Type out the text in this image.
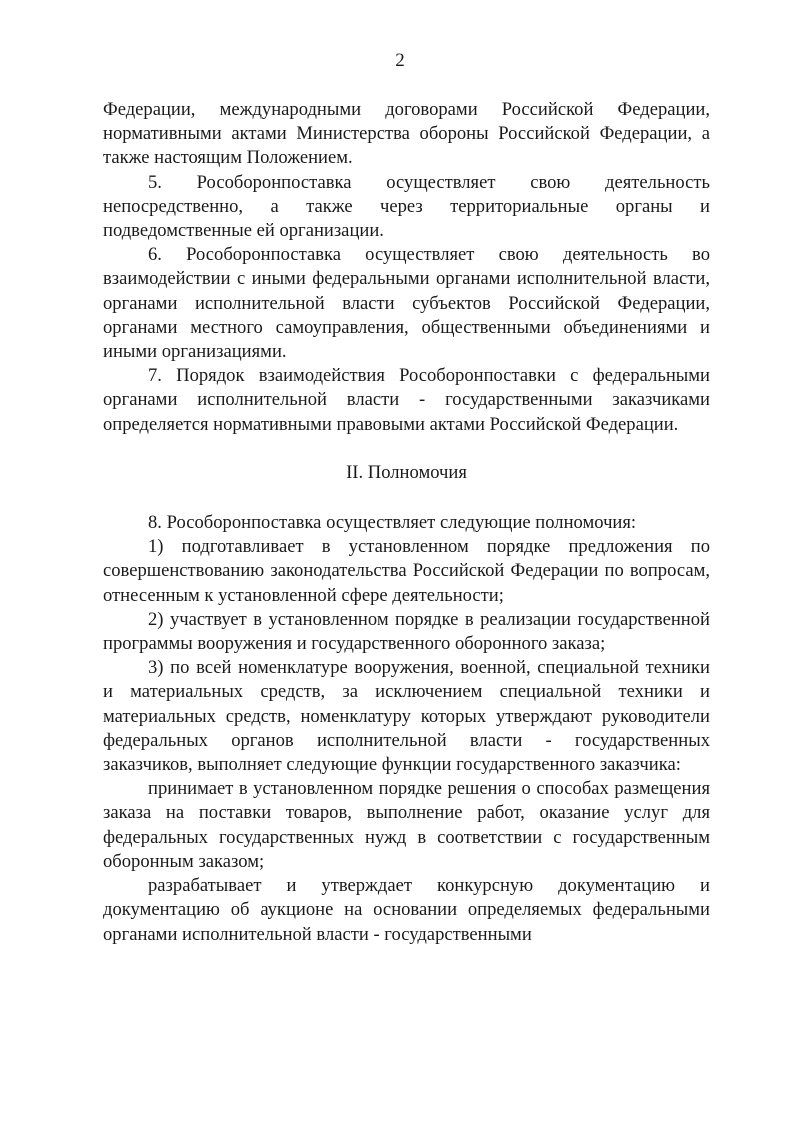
2

Федерации, международными договорами Российской Федерации, нормативными актами Министерства обороны Российской Федерации, а также настоящим Положением.

5. Рособоронпоставка осуществляет свою деятельность непосредственно, а также через территориальные органы и подведомственные ей организации.

6. Рособоронпоставка осуществляет свою деятельность во взаимодействии с иными федеральными органами исполнительной власти, органами исполнительной власти субъектов Российской Федерации, органами местного самоуправления, общественными объединениями и иными организациями.

7. Порядок взаимодействия Рособоронпоставки с федеральными органами исполнительной власти - государственными заказчиками определяется нормативными правовыми актами Российской Федерации.

II. Полномочия

8. Рособоронпоставка осуществляет следующие полномочия:

1) подготавливает в установленном порядке предложения по совершенствованию законодательства Российской Федерации по вопросам, отнесенным к установленной сфере деятельности;

2) участвует в установленном порядке в реализации государственной программы вооружения и государственного оборонного заказа;

3) по всей номенклатуре вооружения, военной, специальной техники и материальных средств, за исключением специальной техники и материальных средств, номенклатуру которых утверждают руководители федеральных органов исполнительной власти - государственных заказчиков, выполняет следующие функции государственного заказчика:

принимает в установленном порядке решения о способах размещения заказа на поставки товаров, выполнение работ, оказание услуг для федеральных государственных нужд в соответствии с государственным оборонным заказом;

разрабатывает и утверждает конкурсную документацию и документацию об аукционе на основании определяемых федеральными органами исполнительной власти - государственными
